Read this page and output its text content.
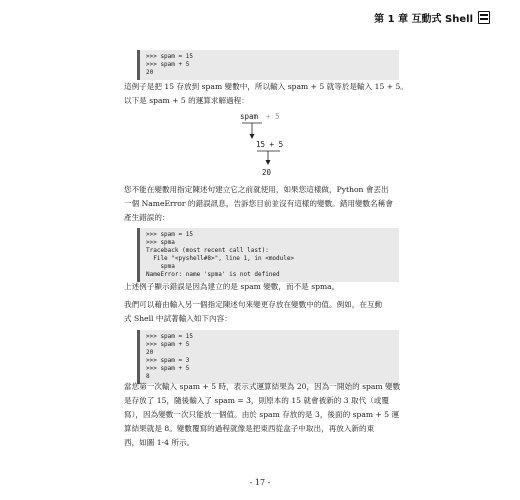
第 1 章 互動式 Shell
>>> spam = 15
>>> spam + 5
20
這例子是把 15 存放到 spam 變數中，所以輸入 spam + 5 就等於是輸入 15 + 5。
以下是 spam + 5 的運算求解過程：
spam + 5
15 + 5
20
您不能在變數用指定陳述句建立它之前就使用，如果您這樣做，Python 會丟出
一個 NameError 的錯誤訊息，告訴您目前並沒有這樣的變數。錯用變數名稱會
產生錯誤的：
>>> spam = 15
>>> spma
Traceback (most recent call last):
File "<pyshell#8>", line 1, in <module>
spma
NameError: name 'spma' is not defined
上述例子顯示錯誤是因為建立的是 spam 變數，而不是 spma。
我們可以藉由輸入另一個指定陳述句來變更存放在變數中的值。例如，在互動
式 Shell 中試著輸入如下內容：
>>> spam = 15
>>> spam + 5
20
>>> spam = 3
>>> spam + 5
8
當您第一次輸入 spam + 5 時，表示式運算結果為 20，因為一開始的 spam 變數
是存放了 15，隨後輸入了 spam = 3，則原本的 15 就會被新的 3 取代（或覆
寫），因為變數一次只能放一個值。由於 spam 存放的是 3，後面的 spam + 5 運
算結果就是 8。變數覆寫的過程就像是把東西從盒子中取出，再放入新的東
西，如圖 1-4 所示。
- 17 -
